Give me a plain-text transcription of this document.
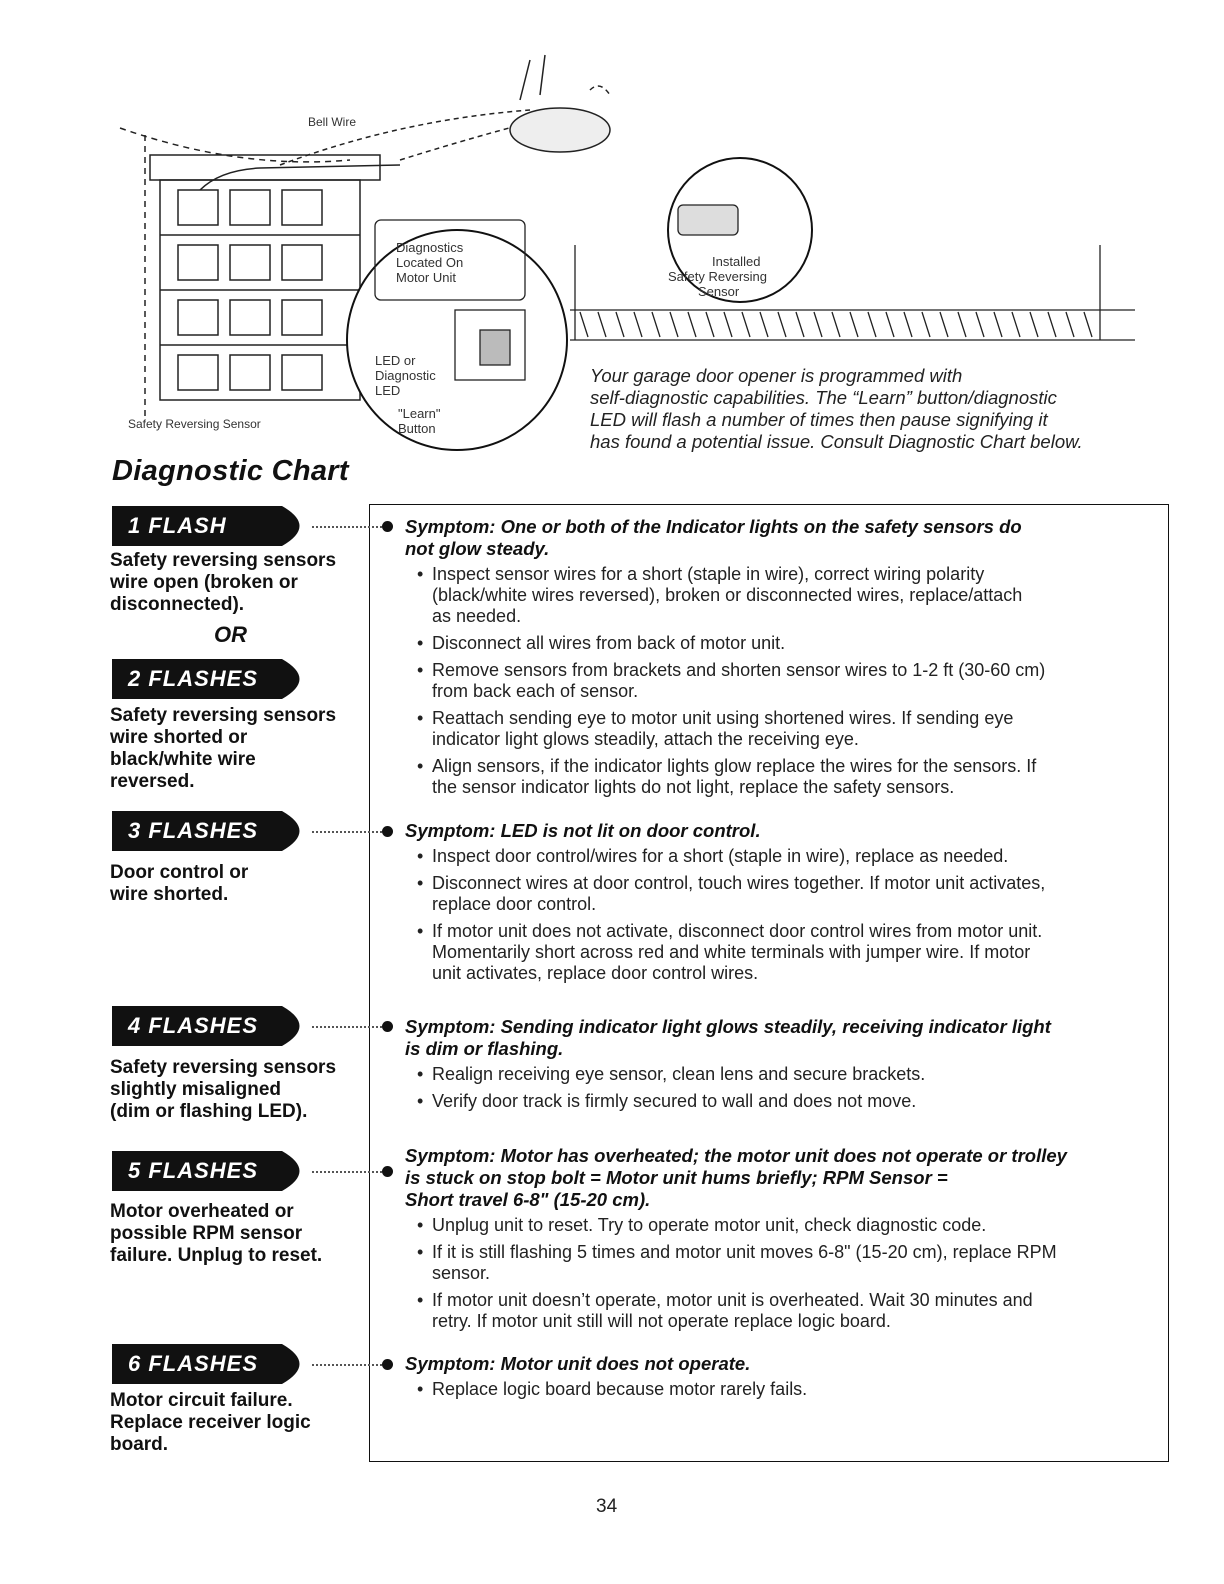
Bell Wire
Safety Reversing Sensor
Diagnostics
Located On
Motor Unit
LED or
Diagnostic
LED
"Learn"
Button
Installed
Safety Reversing
Sensor
Your garage door opener is programmed with
self-diagnostic capabilities. The “Learn” button/diagnostic
LED will flash a number of times then pause signifying it
has found a potential issue. Consult Diagnostic Chart below.
Diagnostic Chart
1 FLASH
2 FLASHES
3 FLASHES
4 FLASHES
5 FLASHES
6 FLASHES
Safety reversing sensors
wire open (broken or
disconnected).
OR
Safety reversing sensors
wire shorted or
black/white wire
reversed.
Door control or
wire shorted.
Safety reversing sensors
slightly misaligned
(dim or flashing LED).
Motor overheated or
possible RPM sensor
failure. Unplug to reset.
Motor circuit failure.
Replace receiver logic
board.
Symptom: One or both of the Indicator lights on the safety sensors do
not glow steady.
• Inspect sensor wires for a short (staple in wire), correct wiring polarity
(black/white wires reversed), broken or disconnected wires, replace/attach
as needed.
• Disconnect all wires from back of motor unit.
• Remove sensors from brackets and shorten sensor wires to 1-2 ft (30-60 cm)
from back each of sensor.
• Reattach sending eye to motor unit using shortened wires. If sending eye
indicator light glows steadily, attach the receiving eye.
• Align sensors, if the indicator lights glow replace the wires for the sensors. If
the sensor indicator lights do not light, replace the safety sensors.
Symptom: LED is not lit on door control.
• Inspect door control/wires for a short (staple in wire), replace as needed.
• Disconnect wires at door control, touch wires together. If motor unit activates,
replace door control.
• If motor unit does not activate, disconnect door control wires from motor unit.
Momentarily short across red and white terminals with jumper wire. If motor
unit activates, replace door control wires.
Symptom: Sending indicator light glows steadily, receiving indicator light
is dim or flashing.
• Realign receiving eye sensor, clean lens and secure brackets.
• Verify door track is firmly secured to wall and does not move.
Symptom: Motor has overheated; the motor unit does not operate or trolley
is stuck on stop bolt = Motor unit hums briefly; RPM Sensor =
Short travel 6-8" (15-20 cm).
• Unplug unit to reset. Try to operate motor unit, check diagnostic code.
• If it is still flashing 5 times and motor unit moves 6-8" (15-20 cm), replace RPM
sensor.
• If motor unit doesn’t operate, motor unit is overheated. Wait 30 minutes and
retry. If motor unit still will not operate replace logic board.
Symptom: Motor unit does not operate.
• Replace logic board because motor rarely fails.
34
